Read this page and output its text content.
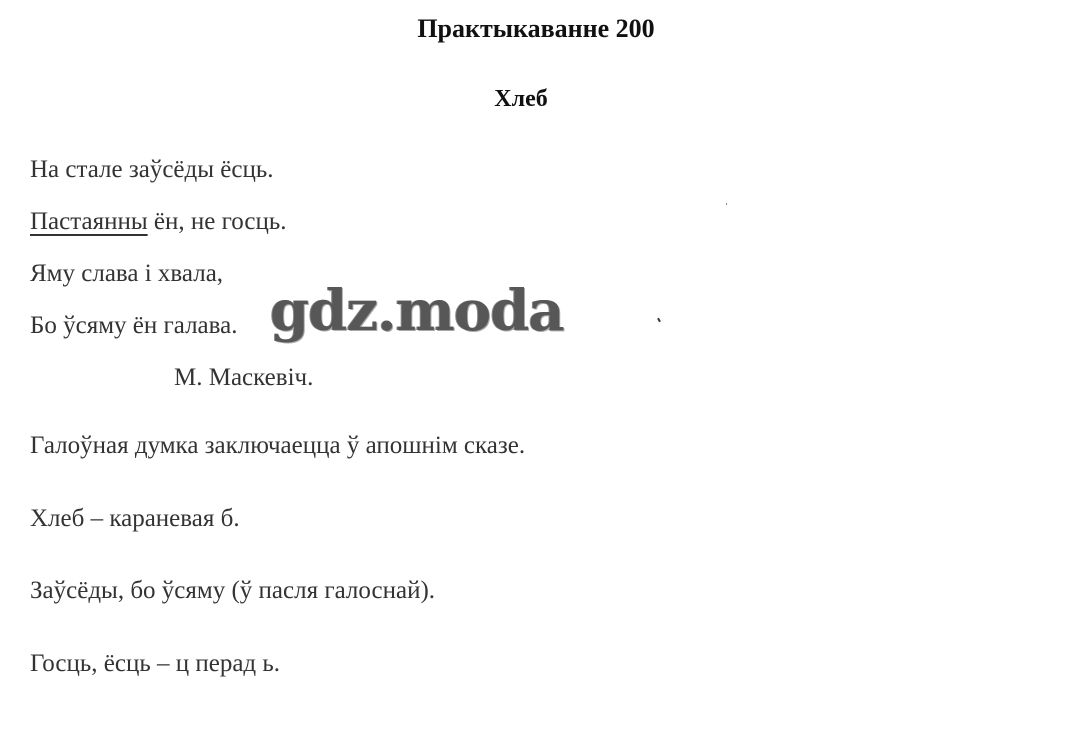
Практыкаванне 200
Хлеб
На стале заўсёды ёсць.
Пастаянны ён, не госць.
Яму слава і хвала,
Бо ўсяму ён галава.
М. Маскевіч.
Галоўная думка заключаецца ў апошнім сказе.
Хлеб – караневая б.
Заўсёды, бо ўсяму (ў пасля галоснай).
Госць, ёсць – ц перад ь.
gdz.moda
